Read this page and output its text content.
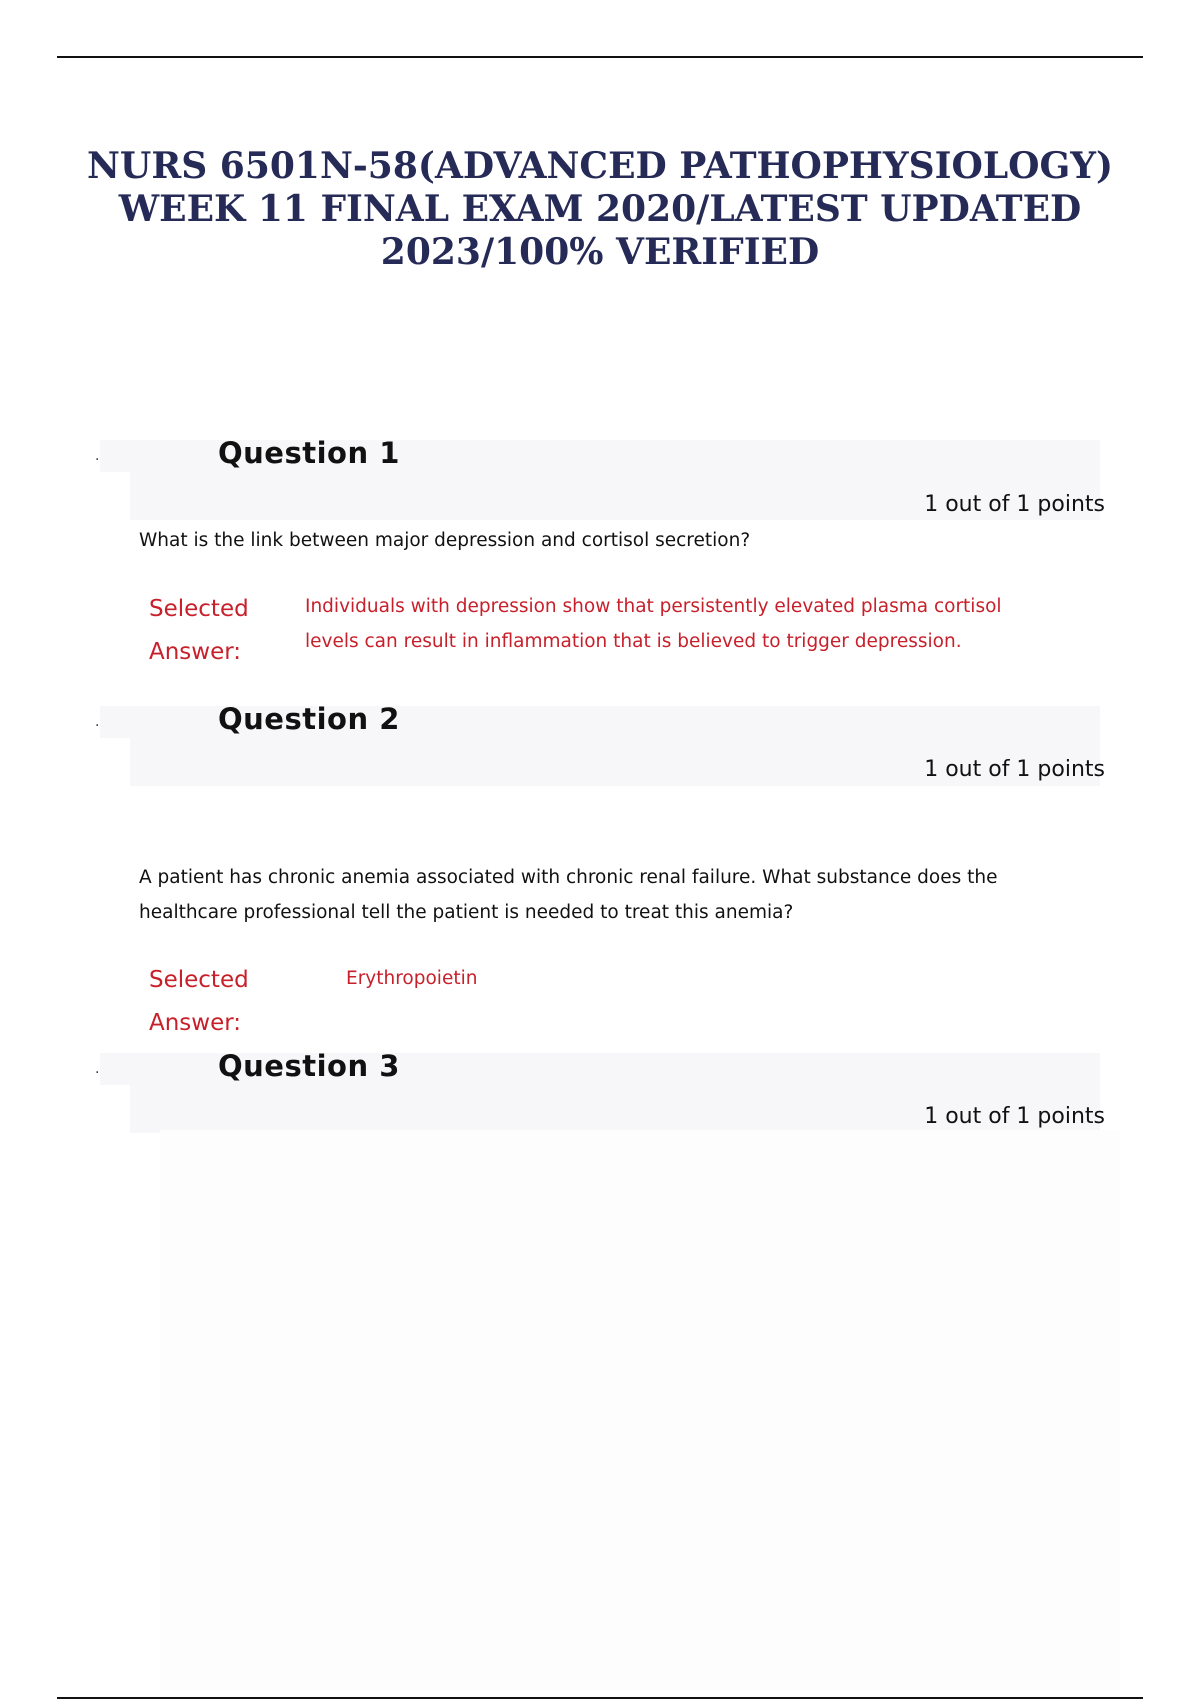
NURS 6501N-58(ADVANCED PATHOPHYSIOLOGY) WEEK 11 FINAL EXAM 2020/LATEST UPDATED 2023/100% VERIFIED
.	Question 1
1 out of 1 points

What is the link between major depression and cortisol secretion?

Selected Answer:

Individuals with depression show that persistently elevated plasma cortisol levels can result in inflammation that is believed to trigger depression.

.	Question 2
1 out of 1 points

A patient has chronic anemia associated with chronic renal failure. What substance does the healthcare professional tell the patient is needed to treat this anemia?

Selected Answer:

Erythropoietin

.	Question 3
1 out of 1 points
